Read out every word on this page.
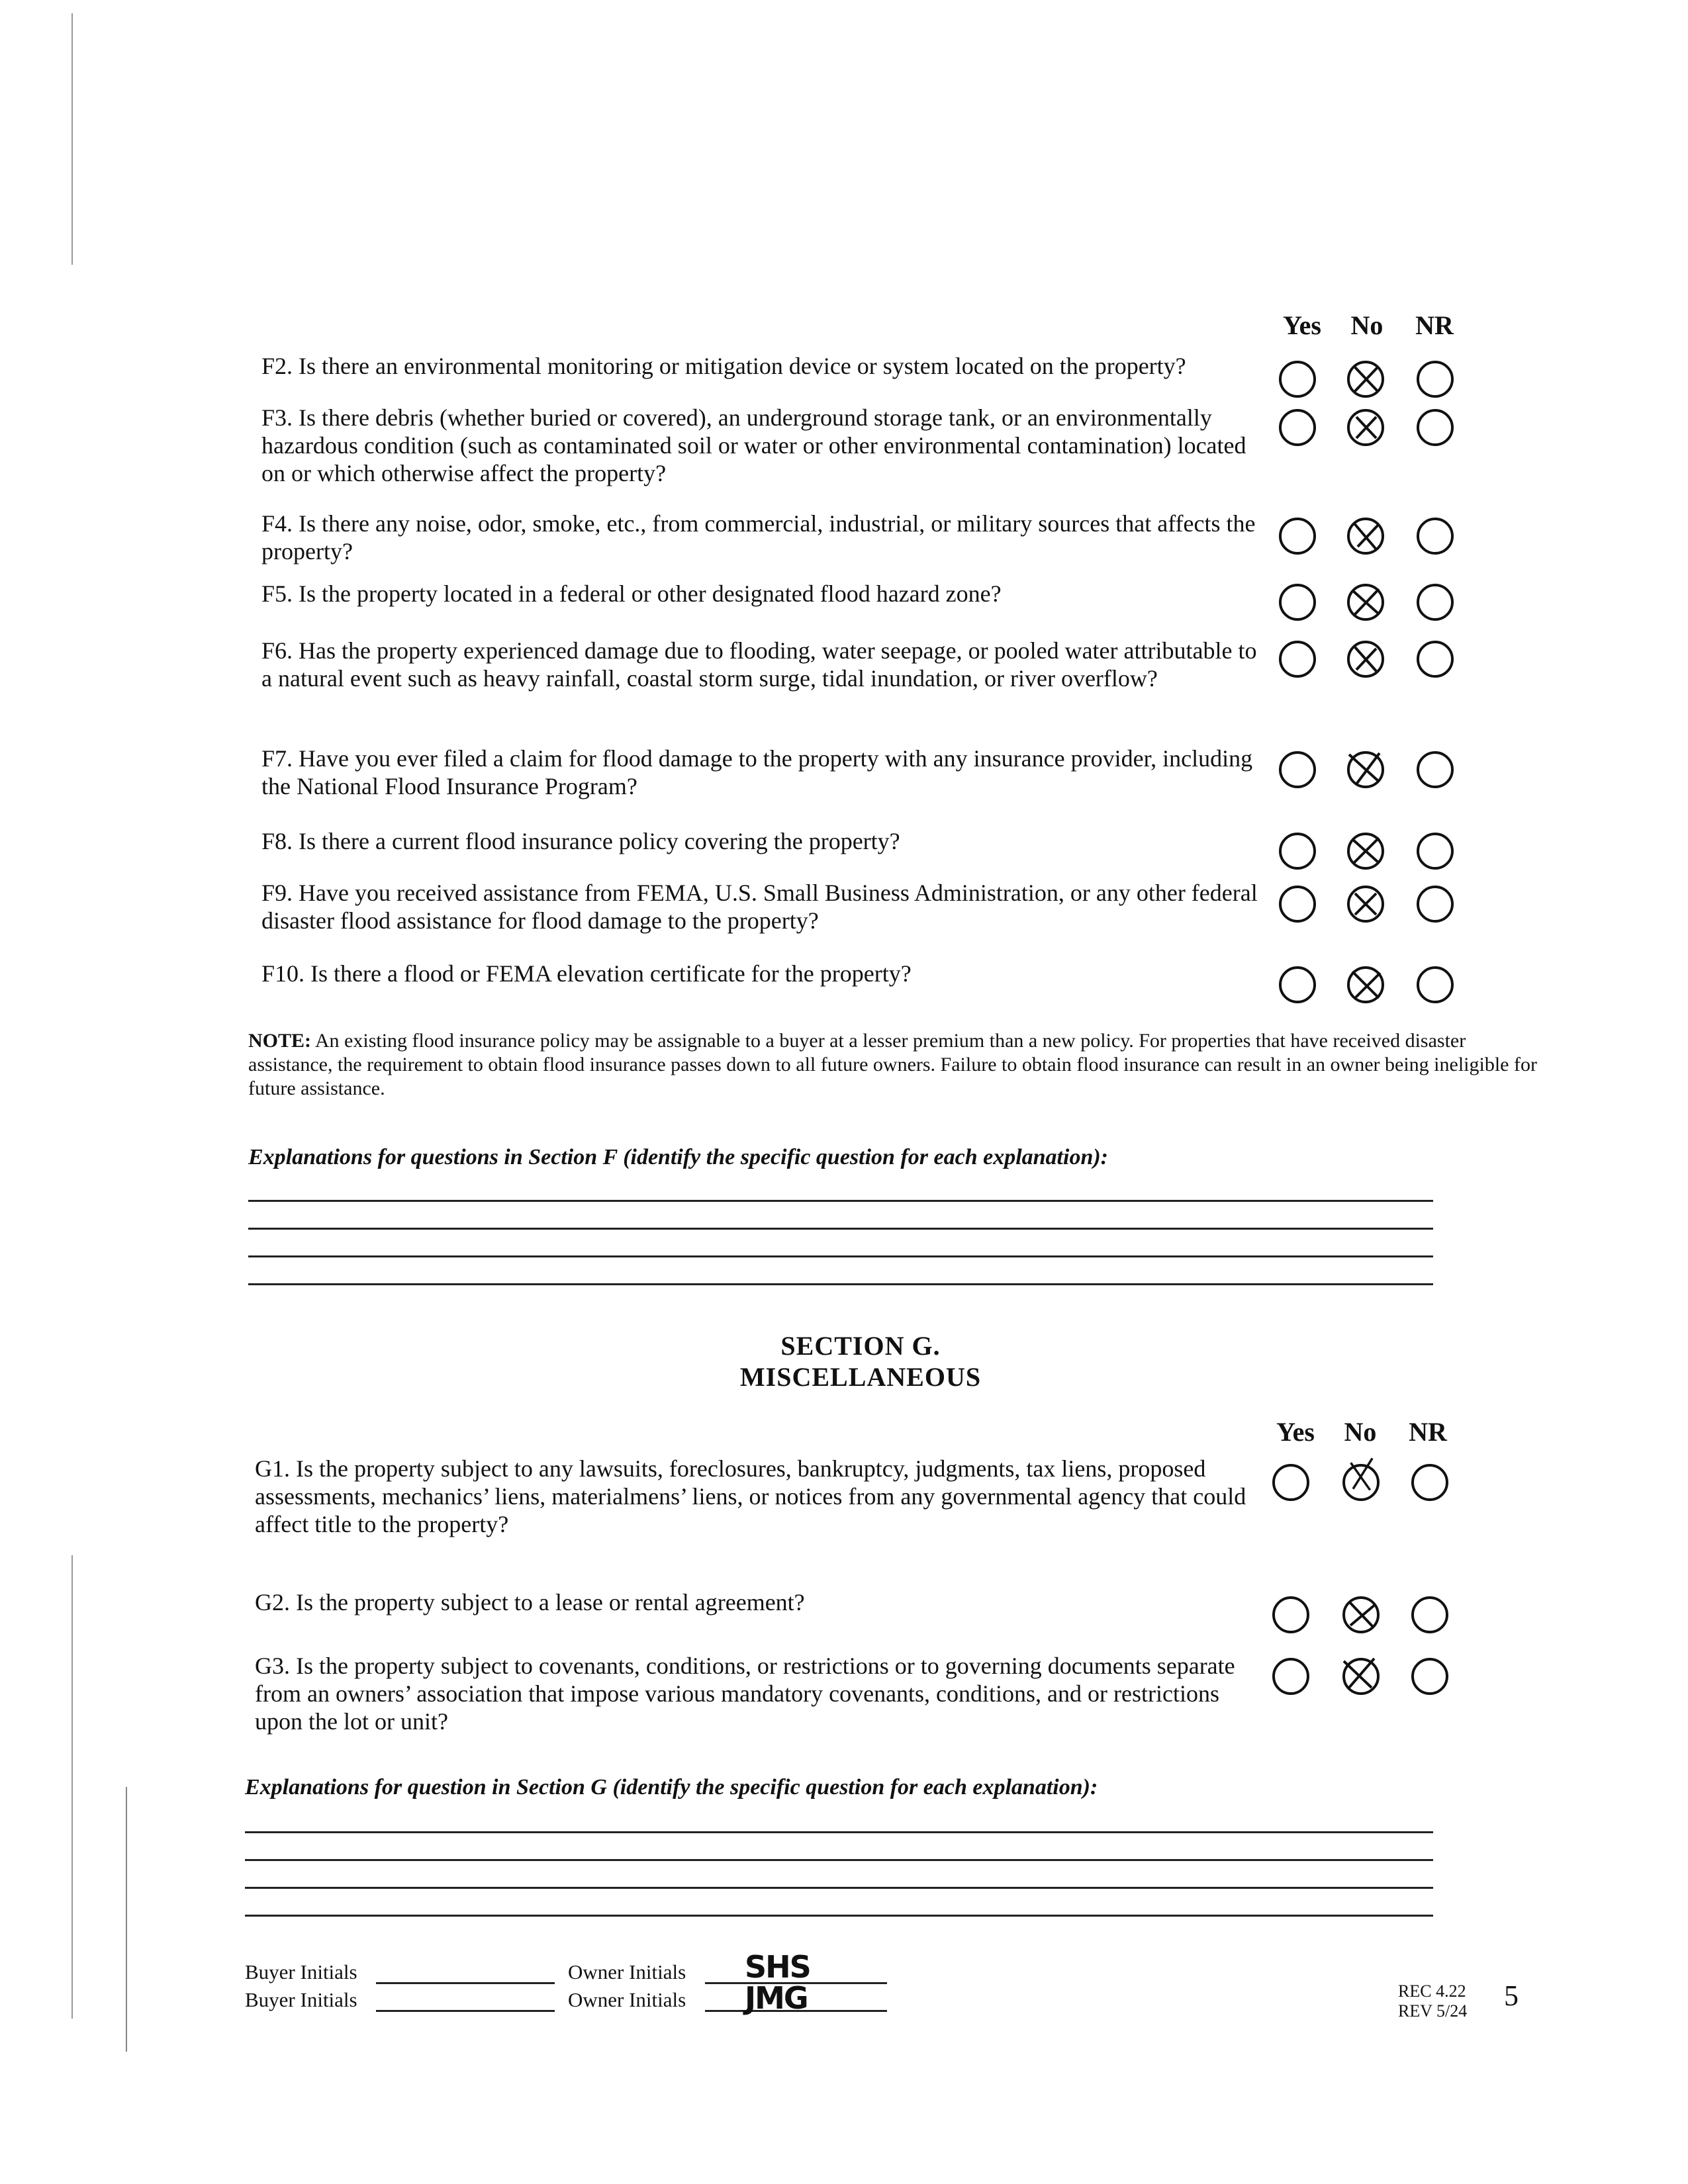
Yes	No	NR
F2. Is there an environmental monitoring or mitigation device or system located on the property?
F3. Is there debris (whether buried or covered), an underground storage tank, or an environmentally hazardous condition (such as contaminated soil or water or other environmental contamination) located on or which otherwise affect the property?
F4. Is there any noise, odor, smoke, etc., from commercial, industrial, or military sources that affects the property?
F5. Is the property located in a federal or other designated flood hazard zone?
F6. Has the property experienced damage due to flooding, water seepage, or pooled water attributable to a natural event such as heavy rainfall, coastal storm surge, tidal inundation, or river overflow?
F7. Have you ever filed a claim for flood damage to the property with any insurance provider, including the National Flood Insurance Program?
F8. Is there a current flood insurance policy covering the property?
F9. Have you received assistance from FEMA, U.S. Small Business Administration, or any other federal disaster flood assistance for flood damage to the property?
F10. Is there a flood or FEMA elevation certificate for the property?
NOTE: An existing flood insurance policy may be assignable to a buyer at a lesser premium than a new policy. For properties that have received disaster assistance, the requirement to obtain flood insurance passes down to all future owners. Failure to obtain flood insurance can result in an owner being ineligible for future assistance.
Explanations for questions in Section F (identify the specific question for each explanation):
SECTION G.
MISCELLANEOUS
Yes	No	NR
G1. Is the property subject to any lawsuits, foreclosures, bankruptcy, judgments, tax liens, proposed assessments, mechanics’ liens, materialmens’ liens, or notices from any governmental agency that could affect title to the property?
G2. Is the property subject to a lease or rental agreement?
G3. Is the property subject to covenants, conditions, or restrictions or to governing documents separate from an owners’ association that impose various mandatory covenants, conditions, and or restrictions upon the lot or unit?
Explanations for question in Section G (identify the specific question for each explanation):
Buyer Initials
Buyer Initials
Owner Initials SHS
Owner Initials JMG	REC 4.22
REV 5/24 5
